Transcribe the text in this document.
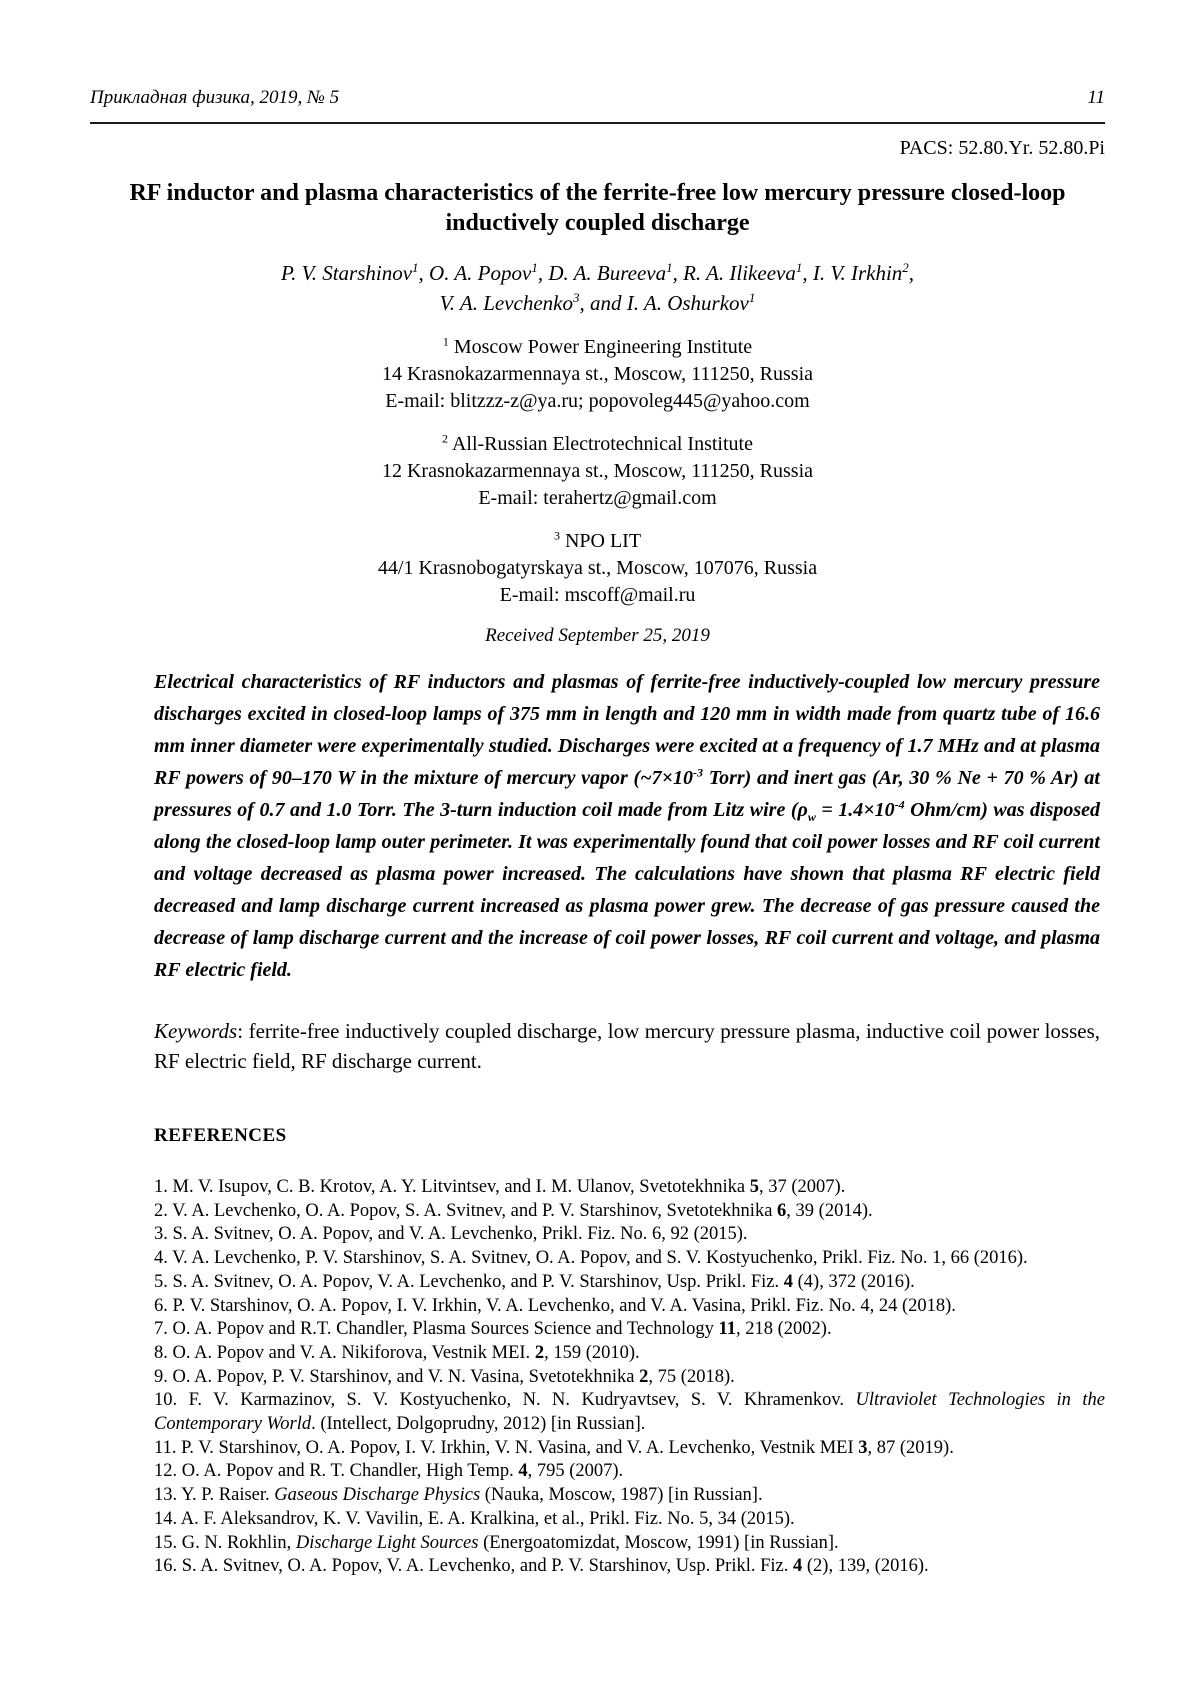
Прикладная физика, 2019, № 5	11
PACS: 52.80.Yr. 52.80.Pi
RF inductor and plasma characteristics of the ferrite-free low mercury pressure closed-loop inductively coupled discharge
P. V. Starshinov$^1$, O. A. Popov$^1$, D. A. Bureeva$^1$, R. A. Ilikeeva$^1$, I. V. Irkhin$^2$,
V. A. Levchenko$^3$, and I. A. Oshurkov$^1$
$^1$ Moscow Power Engineering Institute
14 Krasnokazarmennaya st., Moscow, 111250, Russia
E-mail: blitzzz-z@ya.ru; popovoleg445@yahoo.com
$^2$ All-Russian Electrotechnical Institute
12 Krasnokazarmennaya st., Moscow, 111250, Russia
E-mail: terahertz@gmail.com
$^3$ NPO LIT
44/1 Krasnobogatyrskaya st., Moscow, 107076, Russia
E-mail: mscoff@mail.ru
Received September 25, 2019

Electrical characteristics of RF inductors and plasmas of ferrite-free inductively-coupled low mercury pressure discharges excited in closed-loop lamps of 375 mm in length and 120 mm in width made from quartz tube of 16.6 mm inner diameter were experimentally studied. Discharges were excited at a frequency of 1.7 MHz and at plasma RF powers of 90–170 W in the mixture of mercury vapor ($\sim 7\times 10^{-3}$ Torr) and inert gas (Ar, 30 % Ne + 70 % Ar) at pressures of 0.7 and 1.0 Torr. The 3-turn induction coil made from Litz wire ($\rho_w = 1.4\times 10^{-4}$ Ohm/cm) was disposed along the closed-loop lamp outer perimeter. It was experimentally found that coil power losses and RF coil current and voltage decreased as plasma power increased. The calculations have shown that plasma RF electric field decreased and lamp discharge current increased as plasma power grew. The decrease of gas pressure caused the decrease of lamp discharge current and the increase of coil power losses, RF coil current and voltage, and plasma RF electric field.

Keywords: ferrite-free inductively coupled discharge, low mercury pressure plasma, inductive coil power losses, RF electric field, RF discharge current.

REFERENCES
1. M. V. Isupov, C. B. Krotov, A. Y. Litvintsev, and I. M. Ulanov, Svetotekhnika 5, 37 (2007).
2. V. A. Levchenko, O. A. Popov, S. A. Svitnev, and P. V. Starshinov, Svetotekhnika 6, 39 (2014).
3. S. A. Svitnev, O. A. Popov, and V. A. Levchenko, Prikl. Fiz. No. 6, 92 (2015).
4. V. A. Levchenko, P. V. Starshinov, S. A. Svitnev, O. A. Popov, and S. V. Kostyuchenko, Prikl. Fiz. No. 1, 66 (2016).
5. S. A. Svitnev, O. A. Popov, V. A. Levchenko, and P. V. Starshinov, Usp. Prikl. Fiz. 4 (4), 372 (2016).
6. P. V. Starshinov, O. A. Popov, I. V. Irkhin, V. A. Levchenko, and V. A. Vasina, Prikl. Fiz. No. 4, 24 (2018).
7. O. A. Popov and R.T. Chandler, Plasma Sources Science and Technology 11, 218 (2002).
8. O. A. Popov and V. A. Nikiforova, Vestnik MEI. 2, 159 (2010).
9. O. A. Popov, P. V. Starshinov, and V. N. Vasina, Svetotekhnika 2, 75 (2018).
10. F. V. Karmazinov, S. V. Kostyuchenko, N. N. Kudryavtsev, S. V. Khramenkov. Ultraviolet Technologies in the Contemporary World. (Intellect, Dolgoprudny, 2012) [in Russian].
11. P. V. Starshinov, O. A. Popov, I. V. Irkhin, V. N. Vasina, and V. A. Levchenko, Vestnik MEI 3, 87 (2019).
12. O. A. Popov and R. T. Chandler, High Temp. 4, 795 (2007).
13. Y. P. Raiser. Gaseous Discharge Physics (Nauka, Moscow, 1987) [in Russian].
14. A. F. Aleksandrov, K. V. Vavilin, E. A. Kralkina, et al., Prikl. Fiz. No. 5, 34 (2015).
15. G. N. Rokhlin, Discharge Light Sources (Energoatomizdat, Moscow, 1991) [in Russian].
16. S. A. Svitnev, O. A. Popov, V. A. Levchenko, and P. V. Starshinov, Usp. Prikl. Fiz. 4 (2), 139, (2016).
